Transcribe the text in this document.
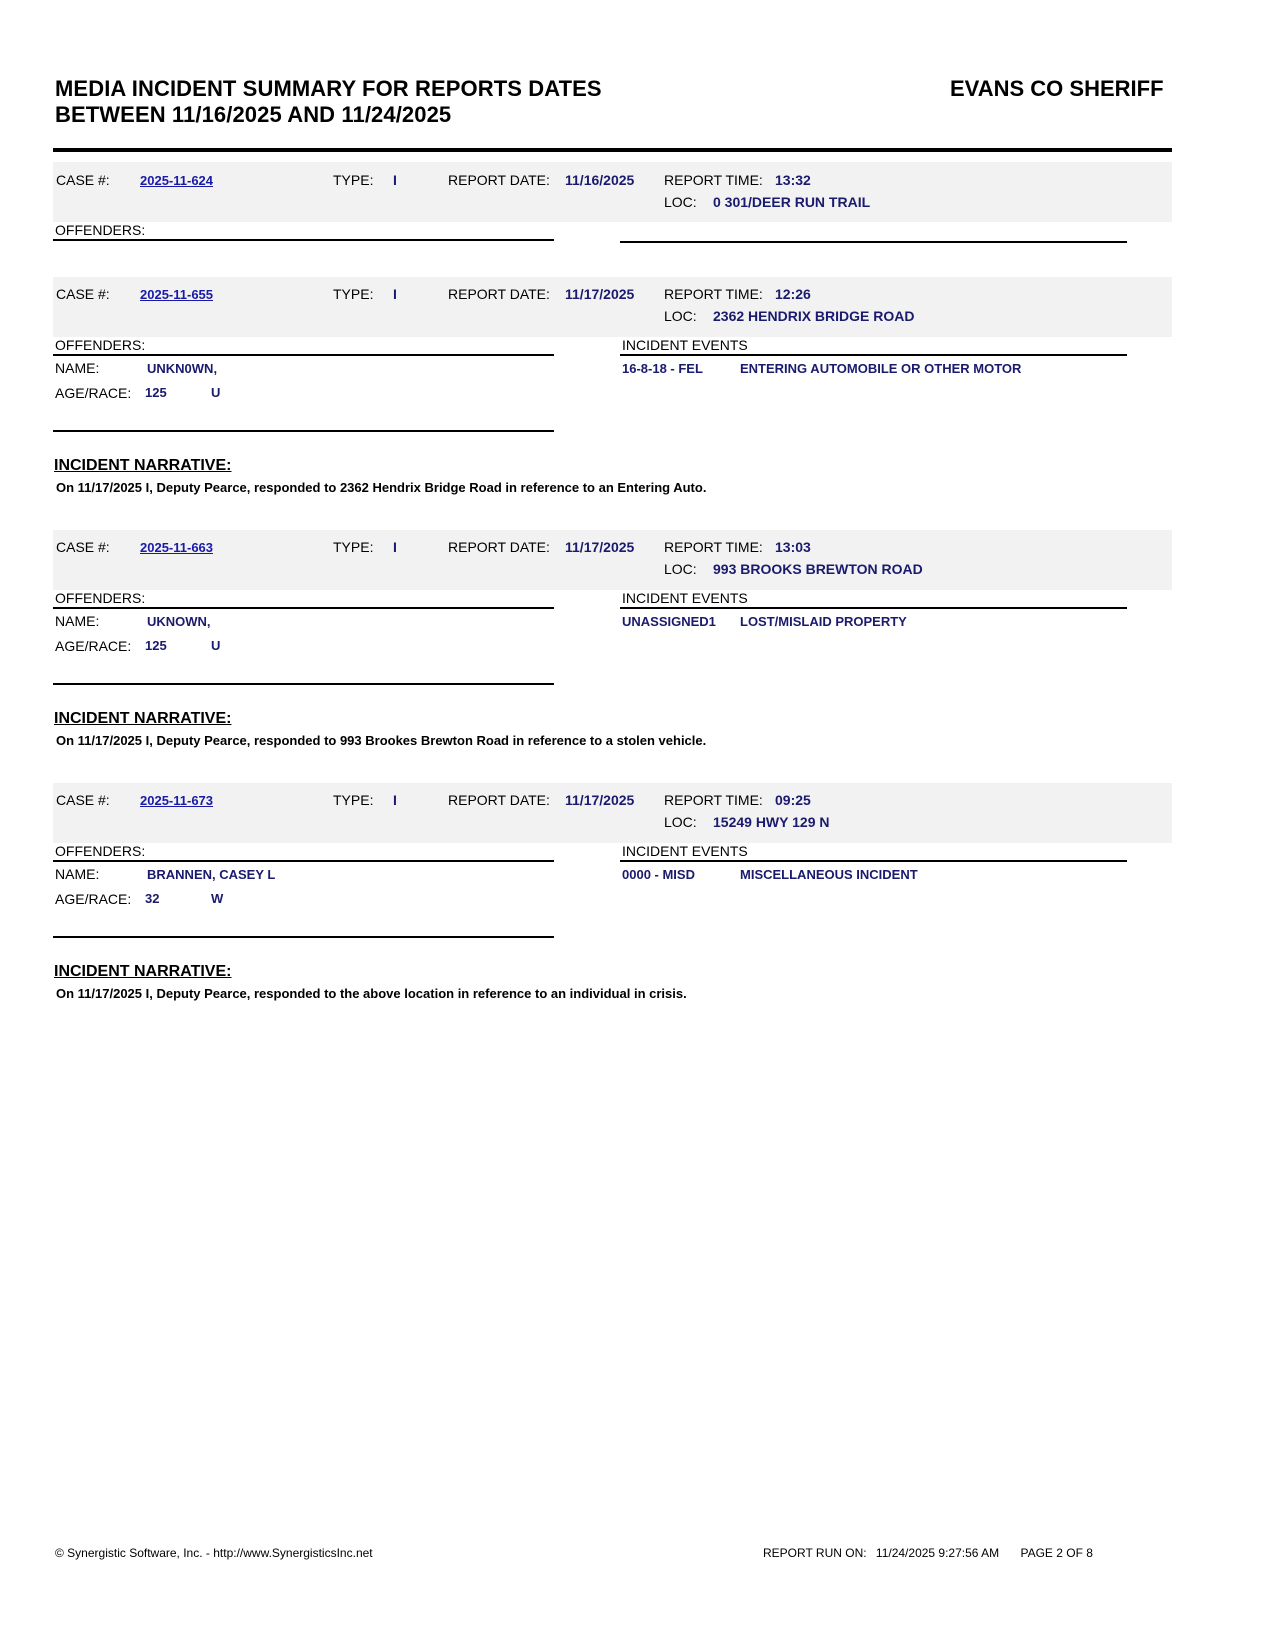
MEDIA INCIDENT SUMMARY FOR REPORTS DATES
BETWEEN 11/16/2025 AND 11/24/2025
EVANS CO SHERIFF
CASE #: 2025-11-624	TYPE: I	REPORT DATE: 11/16/2025 REPORT TIME: 13:32
LOC: 0 301/DEER RUN TRAIL
OFFENDERS:
CASE #: 2025-11-655	TYPE: I	REPORT DATE: 11/17/2025 REPORT TIME: 12:26
LOC: 2362 HENDRIX BRIDGE ROAD
OFFENDERS:
NAME:	UNKN0WN,
AGE/RACE: 125	U
INCIDENT EVENTS
16-8-18 - FEL	ENTERING AUTOMOBILE OR OTHER MOTOR
INCIDENT NARRATIVE:
On 11/17/2025 I, Deputy Pearce, responded to 2362 Hendrix Bridge Road in reference to an Entering Auto.
CASE #: 2025-11-663	TYPE: I	REPORT DATE: 11/17/2025 REPORT TIME: 13:03
LOC: 993 BROOKS BREWTON ROAD
OFFENDERS:
NAME:	UKNOWN,
AGE/RACE: 125	U
INCIDENT EVENTS
UNASSIGNED1 LOST/MISLAID PROPERTY
INCIDENT NARRATIVE:
On 11/17/2025 I, Deputy Pearce, responded to 993 Brookes Brewton Road in reference to a stolen vehicle.
CASE #: 2025-11-673	TYPE: I	REPORT DATE: 11/17/2025 REPORT TIME: 09:25
LOC: 15249 HWY 129 N
OFFENDERS:
NAME:	BRANNEN, CASEY L
AGE/RACE: 32	W
INCIDENT EVENTS
0000 - MISD	MISCELLANEOUS INCIDENT
INCIDENT NARRATIVE:
On 11/17/2025 I, Deputy Pearce, responded to the above location in reference to an individual in crisis.
© Synergistic Software, Inc. - http://www.SynergisticsInc.net	REPORT RUN ON: 11/24/2025 9:27:56 AM PAGE 2 OF 8
